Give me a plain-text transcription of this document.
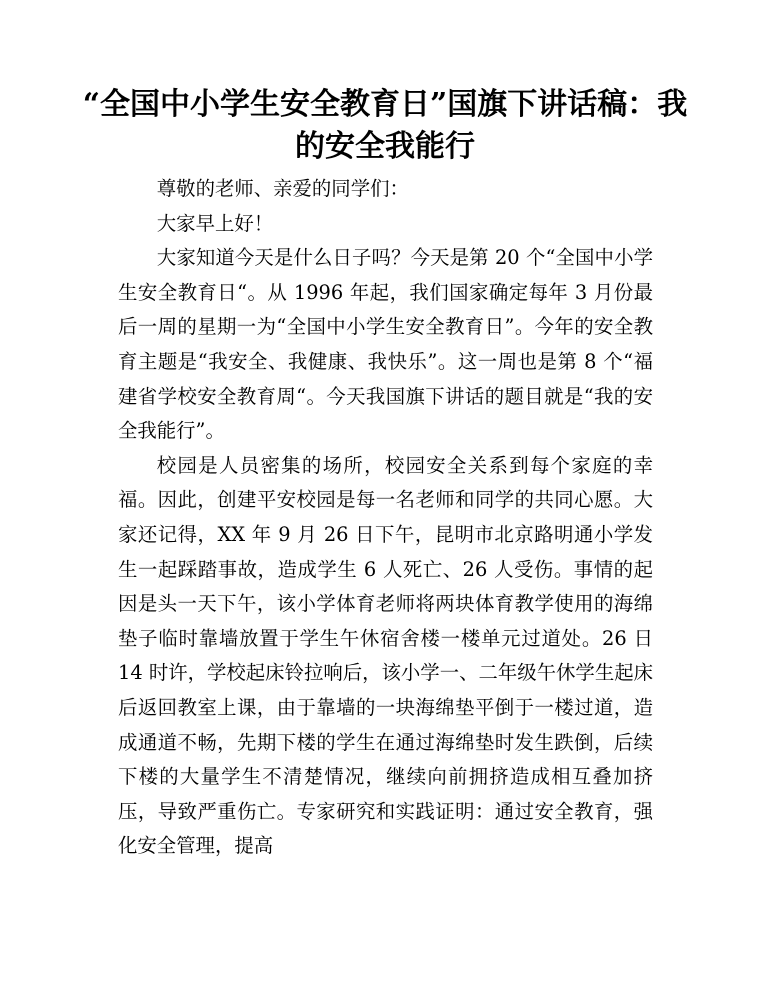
“全国中小学生安全教育日”国旗下讲话稿：我的安全我能行

尊敬的老师、亲爱的同学们：

大家早上好！

大家知道今天是什么日子吗？今天是第 20 个“全国中小学生安全教育日“。从 1996 年起，我们国家确定每年 3 月份最后一周的星期一为“全国中小学生安全教育日”。今年的安全教育主题是“我安全、我健康、我快乐”。这一周也是第 8 个“福建省学校安全教育周“。今天我国旗下讲话的题目就是“我的安全我能行”。

校园是人员密集的场所，校园安全关系到每个家庭的幸福。因此，创建平安校园是每一名老师和同学的共同心愿。大家还记得，XX 年 9 月 26 日下午，昆明市北京路明通小学发生一起踩踏事故，造成学生 6 人死亡、26 人受伤。事情的起因是头一天下午，该小学体育老师将两块体育教学使用的海绵垫子临时靠墙放置于学生午休宿舍楼一楼单元过道处。26 日 14 时许，学校起床铃拉响后，该小学一、二年级午休学生起床后返回教室上课，由于靠墙的一块海绵垫平倒于一楼过道，造成通道不畅，先期下楼的学生在通过海绵垫时发生跌倒，后续下楼的大量学生不清楚情况，继续向前拥挤造成相互叠加挤压，导致严重伤亡。专家研究和实践证明：通过安全教育，强化安全管理，提高
